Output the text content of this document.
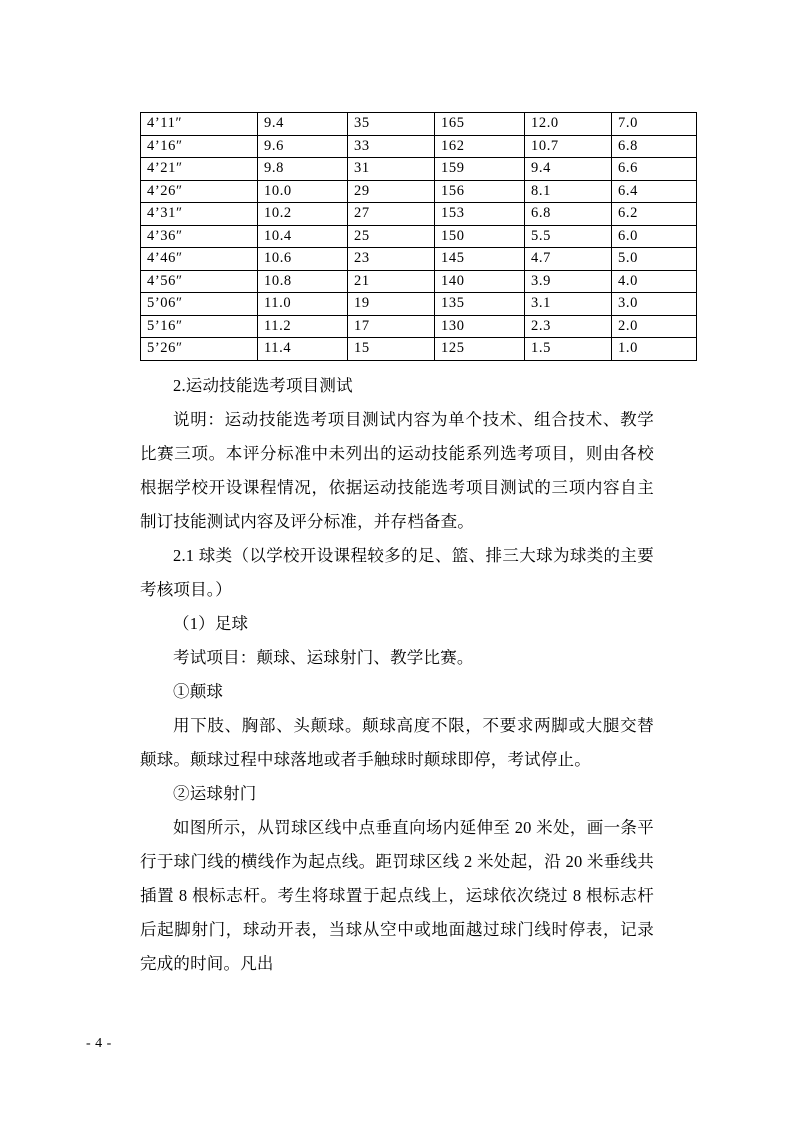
4’11″	9.4	35	165	12.0	7.0
4’16″	9.6	33	162	10.7	6.8
4’21″	9.8	31	159	9.4	6.6
4’26″	10.0	29	156	8.1	6.4
4’31″	10.2	27	153	6.8	6.2
4’36″	10.4	25	150	5.5	6.0
4’46″	10.6	23	145	4.7	5.0
4’56″	10.8	21	140	3.9	4.0
5’06″	11.0	19	135	3.1	3.0
5’16″	11.2	17	130	2.3	2.0
5’26″	11.4	15	125	1.5	1.0

2.运动技能选考项目测试

说明：运动技能选考项目测试内容为单个技术、组合技术、教学比赛三项。本评分标准中未列出的运动技能系列选考项目，则由各校根据学校开设课程情况，依据运动技能选考项目测试的三项内容自主制订技能测试内容及评分标准，并存档备查。

2.1 球类（以学校开设课程较多的足、篮、排三大球为球类的主要考核项目。）

（1）足球

考试项目：颠球、运球射门、教学比赛。

①颠球

用下肢、胸部、头颠球。颠球高度不限，不要求两脚或大腿交替颠球。颠球过程中球落地或者手触球时颠球即停，考试停止。

②运球射门

如图所示，从罚球区线中点垂直向场内延伸至 20 米处，画一条平行于球门线的横线作为起点线。距罚球区线 2 米处起，沿 20 米垂线共插置 8 根标志杆。考生将球置于起点线上，运球依次绕过 8 根标志杆后起脚射门，球动开表，当球从空中或地面越过球门线时停表，记录完成的时间。凡出

- 4 -
